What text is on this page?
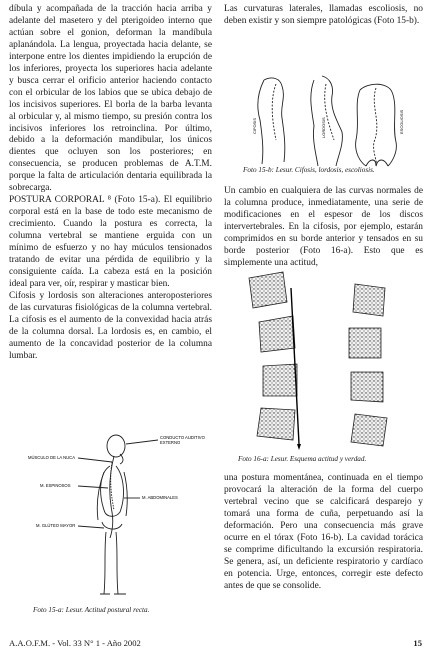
díbula y acompañada de la tracción hacia arriba y adelante del masetero y del pterigoideo interno que actúan sobre el gonion, deforman la mandíbula aplanándola. La lengua, proyectada hacia delante, se interpone entre los dientes impidiendo la erupción de los inferiores, proyecta los superiores hacia adelante y busca cerrar el orificio anterior haciendo contacto con el orbicular de los labios que se ubica debajo de los incisivos superiores. El borla de la barba levanta al orbicular y, al mismo tiempo, su presión contra los incisivos inferiores los retroinclina. Por último, debido a la deformación mandibular, los únicos dientes que ocluyen son los posteriores; en consecuencia, se producen problemas de A.T.M. porque la falta de articulación dentaria equilibrada la sobrecarga.

POSTURA CORPORAL ⁸ (Foto 15-a). El equilibrio corporal está en la base de todo este mecanismo de crecimiento. Cuando la postura es correcta, la columna vertebral se mantiene erguida con un mínimo de esfuerzo y no hay múculos tensionados tratando de evitar una pérdida de equilibrio y la consiguiente caída. La cabeza está en la posición ideal para ver, oír, respirar y masticar bien.

Cifosis y lordosis son alteraciones anteroposteriores de las curvaturas fisiológicas de la columna vertebral. La cifosis es el aumento de la convexidad hacia atrás de la columna dorsal. La lordosis es, en cambio, el aumento de la concavidad posterior de la columna lumbar.

Las curvaturas laterales, llamadas escoliosis, no deben existir y son siempre patológicas (Foto 15-b).

Un cambio en cualquiera de las curvas normales de la columna produce, inmediatamente, una serie de modificaciones en el espesor de los discos intervertebrales. En la cifosis, por ejemplo, estarán comprimidos en su borde anterior y tensados en su borde posterior (Foto 16-a). Esto que es simplemente una actitud,

CIFOSIS	LORDOSIS	ESCOLIOSIS
Foto 15-b: Lesur. Cifosis, lordosis, escoliosis.
Foto 16-a: Lesur. Esquema actitud y verdad.

una postura momentánea, continuada en el tiempo provocará la alteración de la forma del cuerpo vertebral vecino que se calcificará desparejo y tomará una forma de cuña, perpetuando así la deformación. Pero una consecuencia más grave ocurre en el tórax (Foto 16-b). La cavidad torácica se comprime dificultando la excursión respiratoria. Se genera, así, un deficiente respiratorio y cardíaco en potencia. Urge, entonces, corregir este defecto antes de que se consolide.

CONDUCTO AUDITIVO
EXTERNO
MÚSCULO DE LA NUCA
M. ESPINOSOS
M. ABDOMINALES
M. GLÚTEO MAYOR
Foto 15-a: Lesur. Actitud postural recta.
A.A.O.F.M. - Vol. 33 N° 1 - Año 2002	15
